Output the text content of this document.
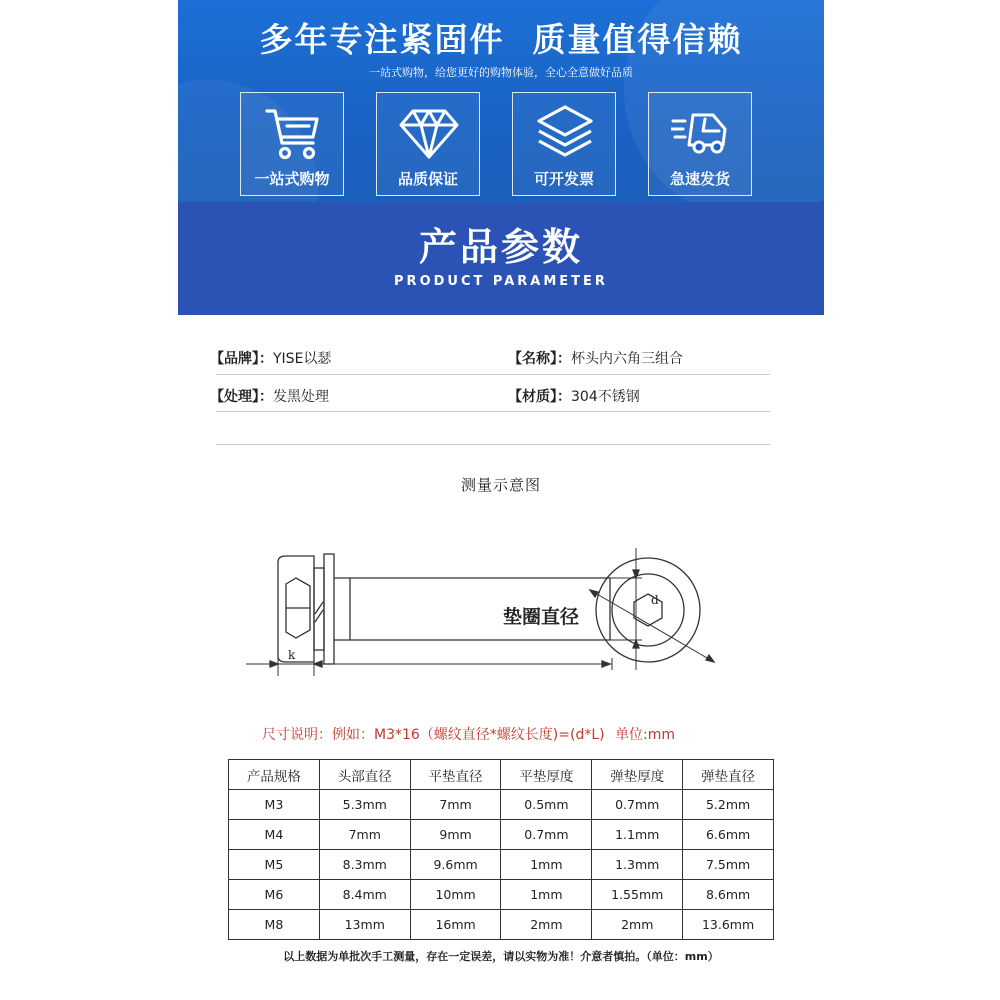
多年专注紧固件 质量值得信赖
一站式购物，给您更好的购物体验，全心全意做好品质
一站式购物	品质保证	可开发票	急速发货
产品参数
PRODUCT PARAMETER
【品牌】：YISE以瑟	【名称】：杯头内六角三组合
【处理】：发黑处理	【材质】：304不锈钢
测量示意图
d
k
垫圈直径
尺寸说明：例如：M3*16（螺纹直径*螺纹长度)=(d*L) 单位:mm
产品规格	头部直径	平垫直径	平垫厚度	弹垫厚度	弹垫直径
M3	5.3mm	7mm	0.5mm	0.7mm	5.2mm
M4	7mm	9mm	0.7mm	1.1mm	6.6mm
M5	8.3mm	9.6mm	1mm	1.3mm	7.5mm
M6	8.4mm	10mm	1mm	1.55mm	8.6mm
M8	13mm	16mm	2mm	2mm	13.6mm
以上数据为单批次手工测量，存在一定误差，请以实物为准！介意者慎拍。（单位：mm）
